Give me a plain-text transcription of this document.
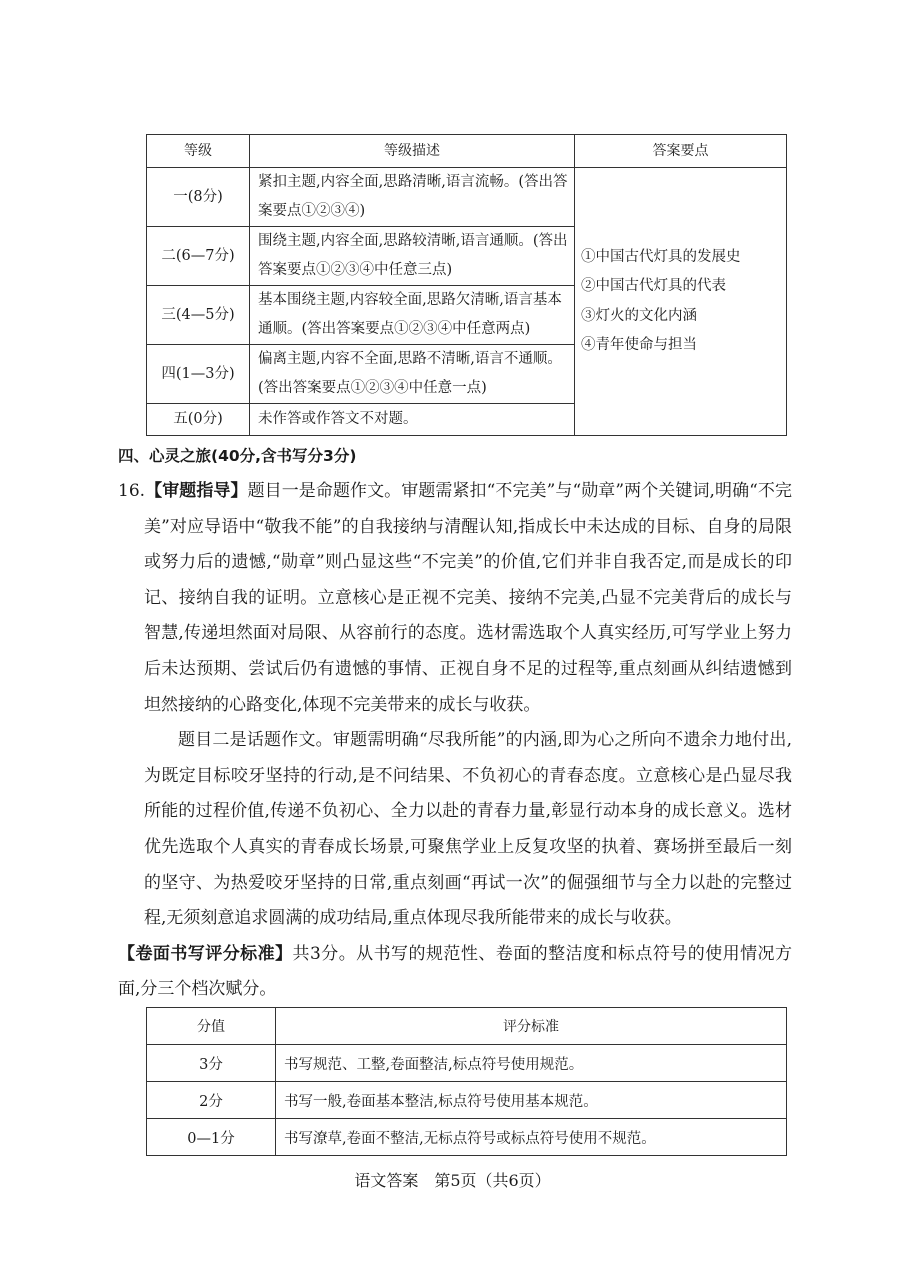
等级	等级描述	答案要点
一(8分)	紧扣主题,内容全面,思路清晰,语言流畅。(答出答案要点①②③④)	①中国古代灯具的发展史
②中国古代灯具的代表
③灯火的文化内涵
④青年使命与担当

二(6—7分)	围绕主题,内容全面,思路较清晰,语言通顺。(答出答案要点①②③④中任意三点)	
三(4—5分)	基本围绕主题,内容较全面,思路欠清晰,语言基本通顺。(答出答案要点①②③④中任意两点)	
四(1—3分)	偏离主题,内容不全面,思路不清晰,语言不通顺。(答出答案要点①②③④中任意一点)	
五(0分)	未作答或作答文不对题。	
四、心灵之旅(40分,含书写分3分)

16.【审题指导】题目一是命题作文。审题需紧扣“不完美”与“勋章”两个关键词,明确“不完美”对应导语中“敬我不能”的自我接纳与清醒认知,指成长中未达成的目标、自身的局限或努力后的遗憾,“勋章”则凸显这些“不完美”的价值,它们并非自我否定,而是成长的印记、接纳自我的证明。立意核心是正视不完美、接纳不完美,凸显不完美背后的成长与智慧,传递坦然面对局限、从容前行的态度。选材需选取个人真实经历,可写学业上努力后未达预期、尝试后仍有遗憾的事情、正视自身不足的过程等,重点刻画从纠结遗憾到坦然接纳的心路变化,体现不完美带来的成长与收获。

题目二是话题作文。审题需明确“尽我所能”的内涵,即为心之所向不遗余力地付出,为既定目标咬牙坚持的行动,是不问结果、不负初心的青春态度。立意核心是凸显尽我所能的过程价值,传递不负初心、全力以赴的青春力量,彰显行动本身的成长意义。选材优先选取个人真实的青春成长场景,可聚焦学业上反复攻坚的执着、赛场拼至最后一刻的坚守、为热爱咬牙坚持的日常,重点刻画“再试一次”的倔强细节与全力以赴的完整过程,无须刻意追求圆满的成功结局,重点体现尽我所能带来的成长与收获。

【卷面书写评分标准】共3分。从书写的规范性、卷面的整洁度和标点符号的使用情况方面,分三个档次赋分。

分值	评分标准
3分	书写规范、工整,卷面整洁,标点符号使用规范。
2分	书写一般,卷面基本整洁,标点符号使用基本规范。
0—1分	书写潦草,卷面不整洁,无标点符号或标点符号使用不规范。
语文答案　第5页（共6页）
